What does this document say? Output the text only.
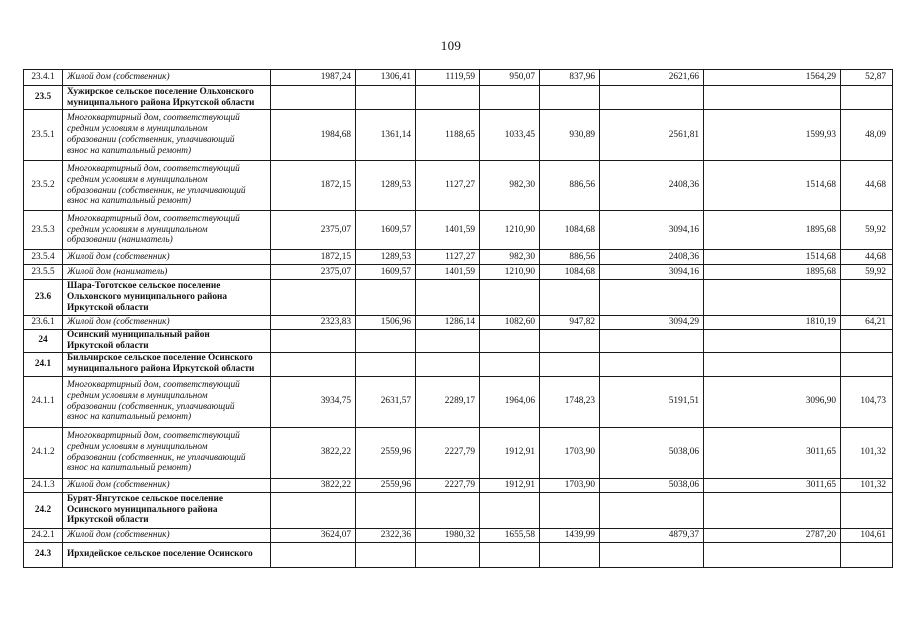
109
23.4.1	Жилой дом (собственник)	1987,24	1306,41	1119,59	950,07	837,96	2621,66	1564,29	52,87
23.5	Хужирское сельское поселение Ольхонского
муниципального района Иркутской области								

23.5.1	Многоквартирный дом, соответствующий
средним условиям в муниципальном
образовании (собственник, уплачивающий
взнос на капитальный ремонт)	1984,68	1361,14	1188,65	1033,45	930,89	2561,81	1599,93	48,09
23.5.2	Многоквартирный дом, соответствующий
средним условиям в муниципальном
образовании (собственник, не уплачивающий
взнос на капитальный ремонт)	1872,15	1289,53	1127,27	982,30	886,56	2408,36	1514,68	44,68
23.5.3	Многоквартирный дом, соответствующий
средним условиям в муниципальном
образовании (наниматель)	2375,07	1609,57	1401,59	1210,90	1084,68	3094,16	1895,68	59,92
23.5.4	Жилой дом (собственник)	1872,15	1289,53	1127,27	982,30	886,56	2408,36	1514,68	44,68
23.5.5	Жилой дом (наниматель)	2375,07	1609,57	1401,59	1210,90	1084,68	3094,16	1895,68	59,92
23.6	Шара-Тоготское сельское поселение
Ольхонского муниципального района
Иркутской области								

23.6.1	Жилой дом (собственник)	2323,83	1506,96	1286,14	1082,60	947,82	3094,29	1810,19	64,21
24	Осинский муниципальный район
Иркутской области								

24.1	Бильчирское сельское поселение Осинского
муниципального района Иркутской области								

24.1.1	Многоквартирный дом, соответствующий
средним условиям в муниципальном
образовании (собственник, уплачивающий
взнос на капитальный ремонт)	3934,75	2631,57	2289,17	1964,06	1748,23	5191,51	3096,90	104,73
24.1.2	Многоквартирный дом, соответствующий
средним условиям в муниципальном
образовании (собственник, не уплачивающий
взнос на капитальный ремонт)	3822,22	2559,96	2227,79	1912,91	1703,90	5038,06	3011,65	101,32
24.1.3	Жилой дом (собственник)	3822,22	2559,96	2227,79	1912,91	1703,90	5038,06	3011,65	101,32
24.2	Бурят-Янгутское сельское поселение
Осинского муниципального района
Иркутской области								

24.2.1	Жилой дом (собственник)	3624,07	2322,36	1980,32	1655,58	1439,99	4879,37	2787,20	104,61
24.3	Ирхидейское сельское поселение Осинского								
